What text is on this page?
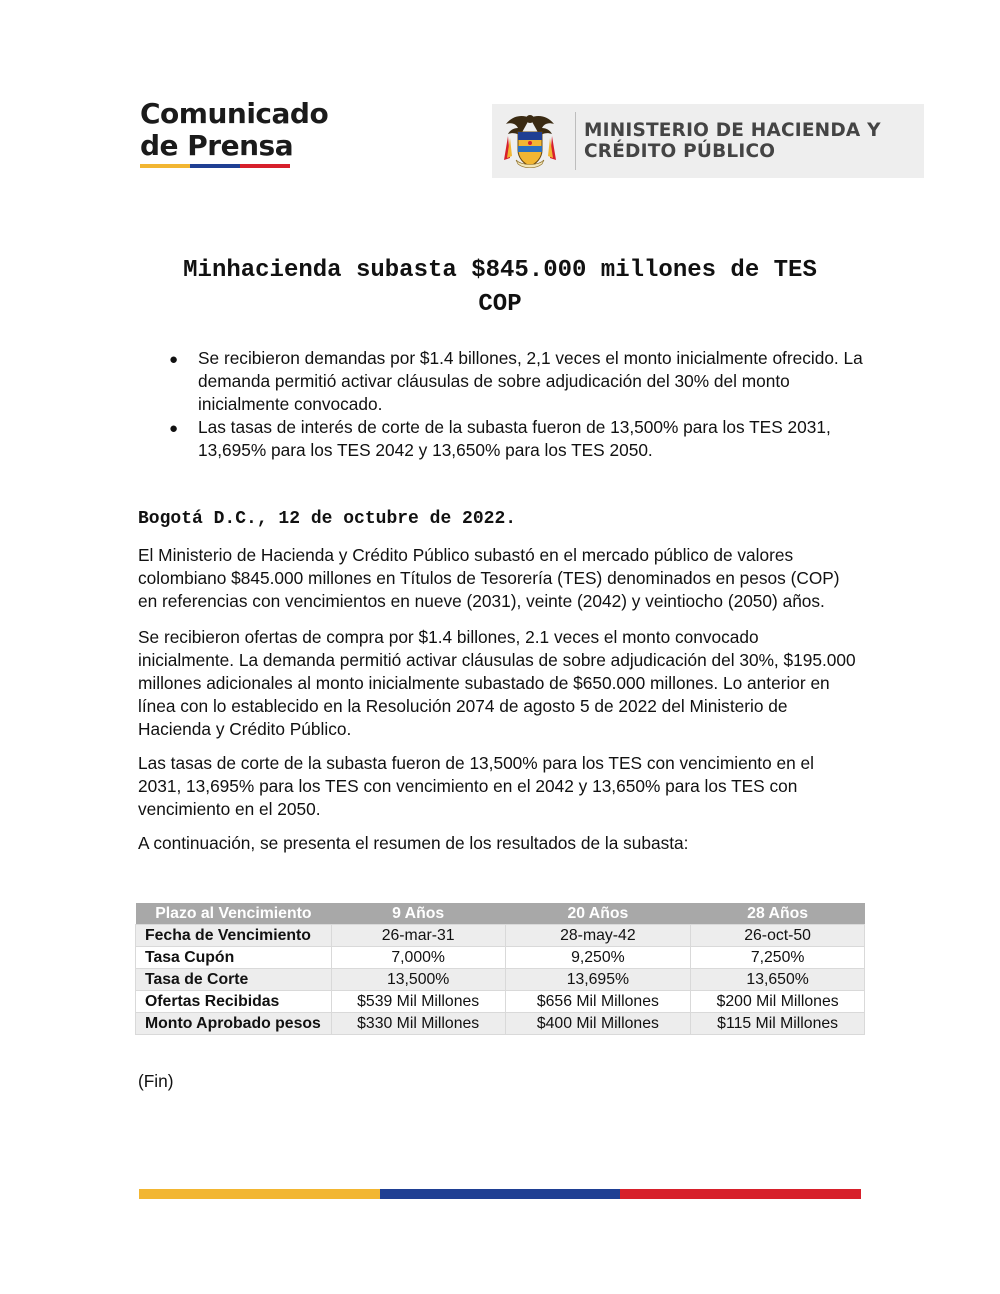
Comunicado
de Prensa	MINISTERIO DE HACIENDA Y
CRÉDITO PÚBLICO
Minhacienda subasta $845.000 millones de TES
COP
● Se recibieron demandas por $1.4 billones, 2,1 veces el monto inicialmente ofrecido. La demanda permitió activar cláusulas de sobre adjudicación del 30% del monto inicialmente convocado.
● Las tasas de interés de corte de la subasta fueron de 13,500% para los TES 2031, 13,695% para los TES 2042 y 13,650% para los TES 2050.
Bogotá D.C., 12 de octubre de 2022.

El Ministerio de Hacienda y Crédito Público subastó en el mercado público de valores colombiano $845.000 millones en Títulos de Tesorería (TES) denominados en pesos (COP) en referencias con vencimientos en nueve (2031), veinte (2042) y veintiocho (2050) años.

Se recibieron ofertas de compra por $1.4 billones, 2.1 veces el monto convocado inicialmente. La demanda permitió activar cláusulas de sobre adjudicación del 30%, $195.000 millones adicionales al monto inicialmente subastado de $650.000 millones. Lo anterior en línea con lo establecido en la Resolución 2074 de agosto 5 de 2022 del Ministerio de Hacienda y Crédito Público.

Las tasas de corte de la subasta fueron de 13,500% para los TES con vencimiento en el 2031, 13,695% para los TES con vencimiento en el 2042 y 13,650% para los TES con vencimiento en el 2050.

A continuación, se presenta el resumen de los resultados de la subasta:

Plazo al Vencimiento	9 Años	20 Años	28 Años
Fecha de Vencimiento	26-mar-31	28-may-42	26-oct-50
Tasa Cupón	7,000%	9,250%	7,250%
Tasa de Corte	13,500%	13,695%	13,650%
Ofertas Recibidas	$539 Mil Millones	$656 Mil Millones	$200 Mil Millones
Monto Aprobado pesos	$330 Mil Millones	$400 Mil Millones	$115 Mil Millones
(Fin)
